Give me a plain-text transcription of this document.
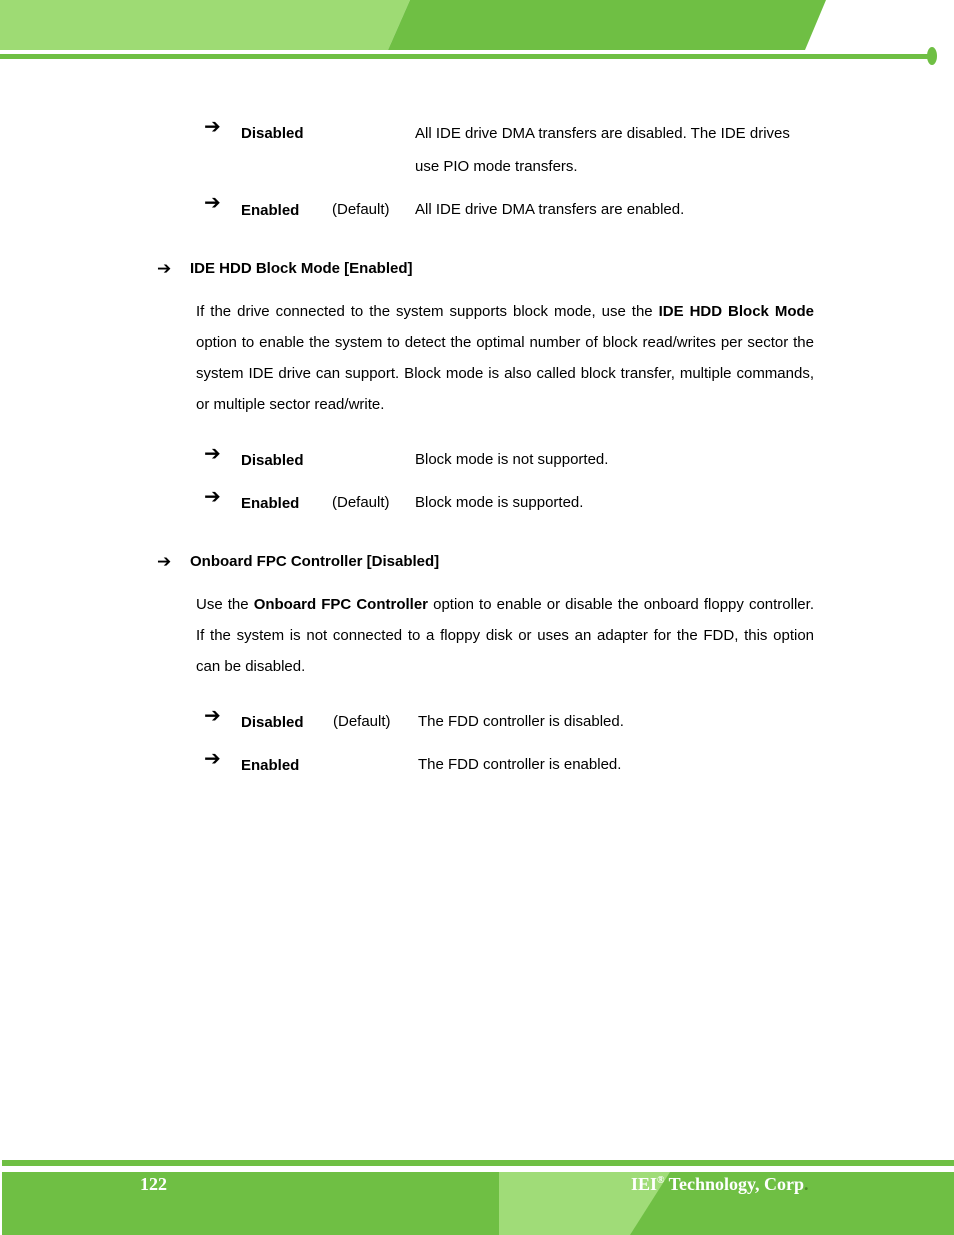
➔ Disabled	All IDE drive DMA transfers are disabled. The IDE drives
use PIO mode transfers.
➔ Enabled (Default) All IDE drive DMA transfers are enabled.
➔ IDE HDD Block Mode [Enabled]
If the drive connected to the system supports block mode, use the IDE HDD Block Mode option to enable the system to detect the optimal number of block read/writes per sector the system IDE drive can support. Block mode is also called block transfer, multiple commands, or multiple sector read/write.
➔ Disabled	Block mode is not supported.
➔ Enabled (Default) Block mode is supported.
➔ Onboard FPC Controller [Disabled]
Use the Onboard FPC Controller option to enable or disable the onboard floppy controller. If the system is not connected to a floppy disk or uses an adapter for the FDD, this option can be disabled.
➔ Disabled (Default) The FDD controller is disabled.
➔ Enabled	The FDD controller is enabled.
122	IEI® Technology, Corp.
